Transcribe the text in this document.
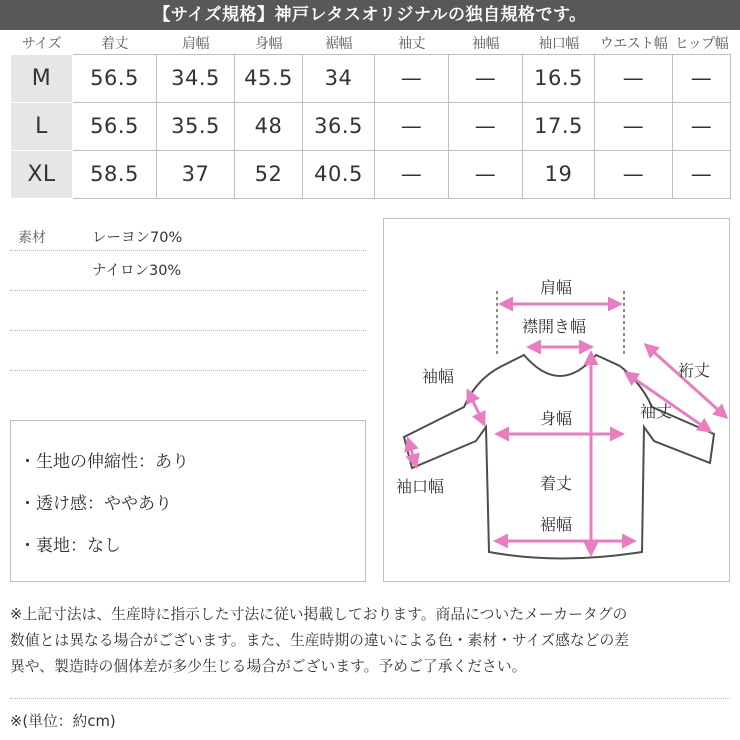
【サイズ規格】神戸レタスオリジナルの独自規格です。
サイズ	着丈	肩幅	身幅	裾幅	袖丈	袖幅	袖口幅	ウエスト幅	ヒップ幅
M	56.5	34.5	45.5	34	—	—	16.5	—	—
L	56.5	35.5	48	36.5	—	—	17.5	—	—
XL	58.5	37	52	40.5	—	—	19	—	—
素材	レーヨン70%
ナイロン30%
・生地の伸縮性：あり
・透け感：ややあり
・裏地：なし
肩幅
襟開き幅
袖幅	裄丈
袖丈
身幅
袖口幅	着丈
裾幅
※上記寸法は、生産時に指示した寸法に従い掲載しております。商品についたメーカータグの
数値とは異なる場合がございます。また、生産時期の違いによる色・素材・サイズ感などの差
異や、製造時の個体差が多少生じる場合がございます。予めご了承ください。
※(単位：約cm)
